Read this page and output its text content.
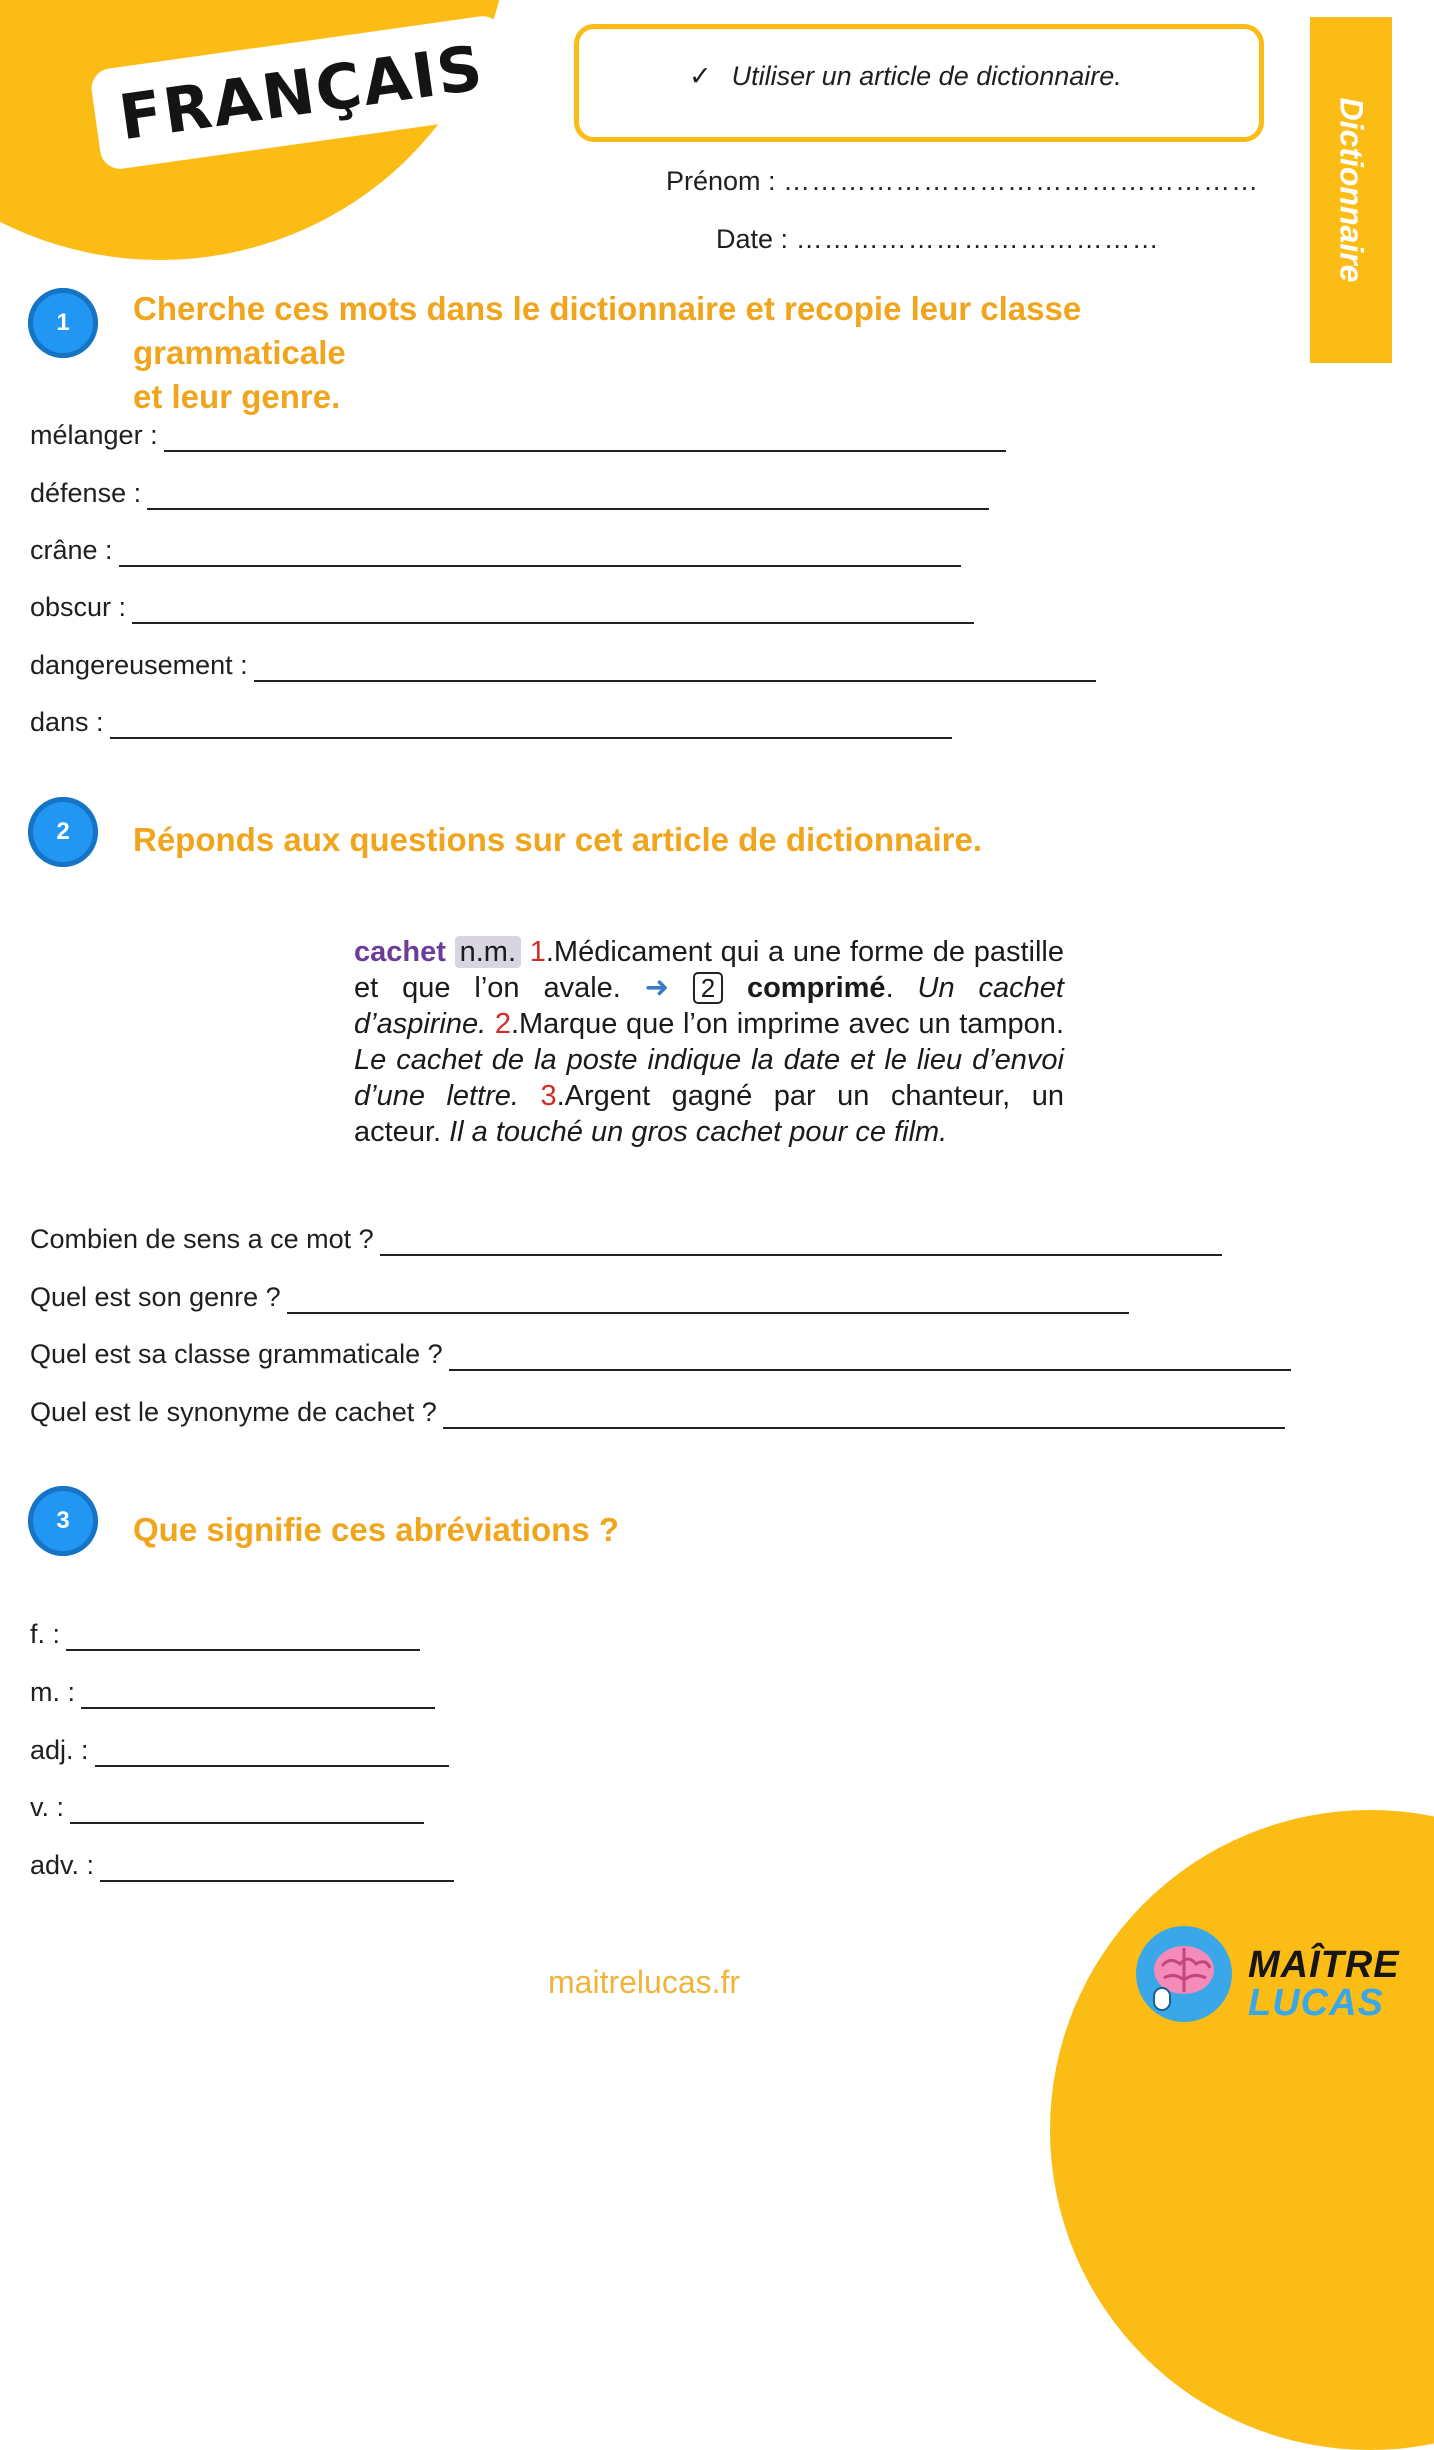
FRANÇAIS	✓ Utiliser un article de dictionnaire.
Prénom : ……………………………………………
Date : …………………………………	Dictionnaire
1	Cherche ces mots dans le dictionnaire et recopie leur classe grammaticale
et leur genre.
mélanger :
défense :
crâne :
obscur :
dangereusement :
dans :
2	Réponds aux questions sur cet article de dictionnaire.
cachet n.m. 1.Médicament qui a une forme de pastille et que l’on avale. ➜ 2 comprimé. Un cachet d’aspirine. 2.Marque que l’on imprime avec un tampon. Le cachet de la poste indique la date et le lieu d’envoi d’une lettre. 3.Argent gagné par un chanteur, un acteur. Il a touché un gros cachet pour ce film.
Combien de sens a ce mot ?
Quel est son genre ?
Quel est sa classe grammaticale ?
Quel est le synonyme de cachet ?
3	Que signifie ces abréviations ?
f. :
m. :
adj. :
v. :
adv. :
maitrelucas.fr	MAÎTRE
LUCAS
